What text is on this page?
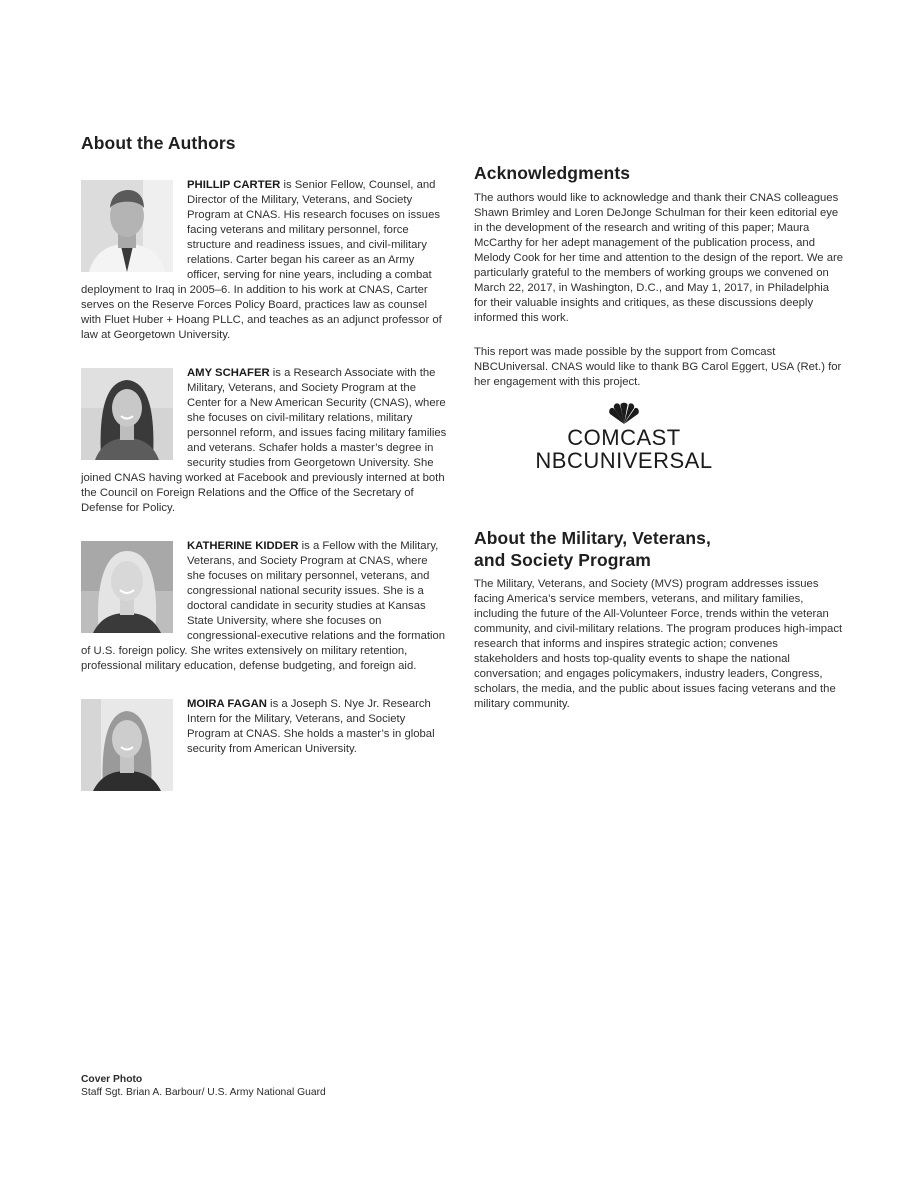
About the Authors
PHILLIP CARTER is Senior Fellow, Counsel, and Director of the Military, Veterans, and Society Program at CNAS. His research focuses on issues facing veterans and military personnel, force structure and readiness issues, and civil-military relations. Carter began his career as an Army officer, serving for nine years, including a combat deployment to Iraq in 2005–6. In addition to his work at CNAS, Carter serves on the Reserve Forces Policy Board, practices law as counsel with Fluet Huber + Hoang PLLC, and teaches as an adjunct professor of law at Georgetown University.
AMY SCHAFER is a Research Associate with the Military, Veterans, and Society Program at the Center for a New American Security (CNAS), where she focuses on civil-military relations, military personnel reform, and issues facing military families and veterans. Schafer holds a master’s degree in security studies from Georgetown University. She joined CNAS having worked at Facebook and previously interned at both the Council on Foreign Relations and the Office of the Secretary of Defense for Policy.
KATHERINE KIDDER is a Fellow with the Military, Veterans, and Society Program at CNAS, where she focuses on military personnel, veterans, and congressional national security issues. She is a doctoral candidate in security studies at Kansas State University, where she focuses on congressional-executive relations and the formation of U.S. foreign policy. She writes extensively on military retention, professional military education, defense budgeting, and foreign aid.
MOIRA FAGAN is a Joseph S. Nye Jr. Research Intern for the Military, Veterans, and Society Program at CNAS. She holds a master’s in global security from American University.
Acknowledgments

The authors would like to acknowledge and thank their CNAS colleagues Shawn Brimley and Loren DeJonge Schulman for their keen editorial eye in the development of the research and writing of this paper; Maura McCarthy for her adept management of the publication process, and Melody Cook for her time and attention to the design of the report. We are particularly grateful to the members of working groups we convened on March 22, 2017, in Washington, D.C., and May 1, 2017, in Philadelphia for their valuable insights and critiques, as these discussions deeply informed this work.

This report was made possible by the support from Comcast NBCUniversal. CNAS would like to thank BG Carol Eggert, USA (Ret.) for her engagement with this project.

COMCAST
NBCUNIVERSAL
About the Military, Veterans,
and Society Program

The Military, Veterans, and Society (MVS) program addresses issues facing America’s service members, veterans, and military families, including the future of the All-Volunteer Force, trends within the veteran community, and civil-military relations. The program produces high-impact research that informs and inspires strategic action; convenes stakeholders and hosts top-quality events to shape the national conversation; and engages policymakers, industry leaders, Congress, scholars, the media, and the public about issues facing veterans and the military community.

Cover Photo
Staff Sgt. Brian A. Barbour/ U.S. Army National Guard
